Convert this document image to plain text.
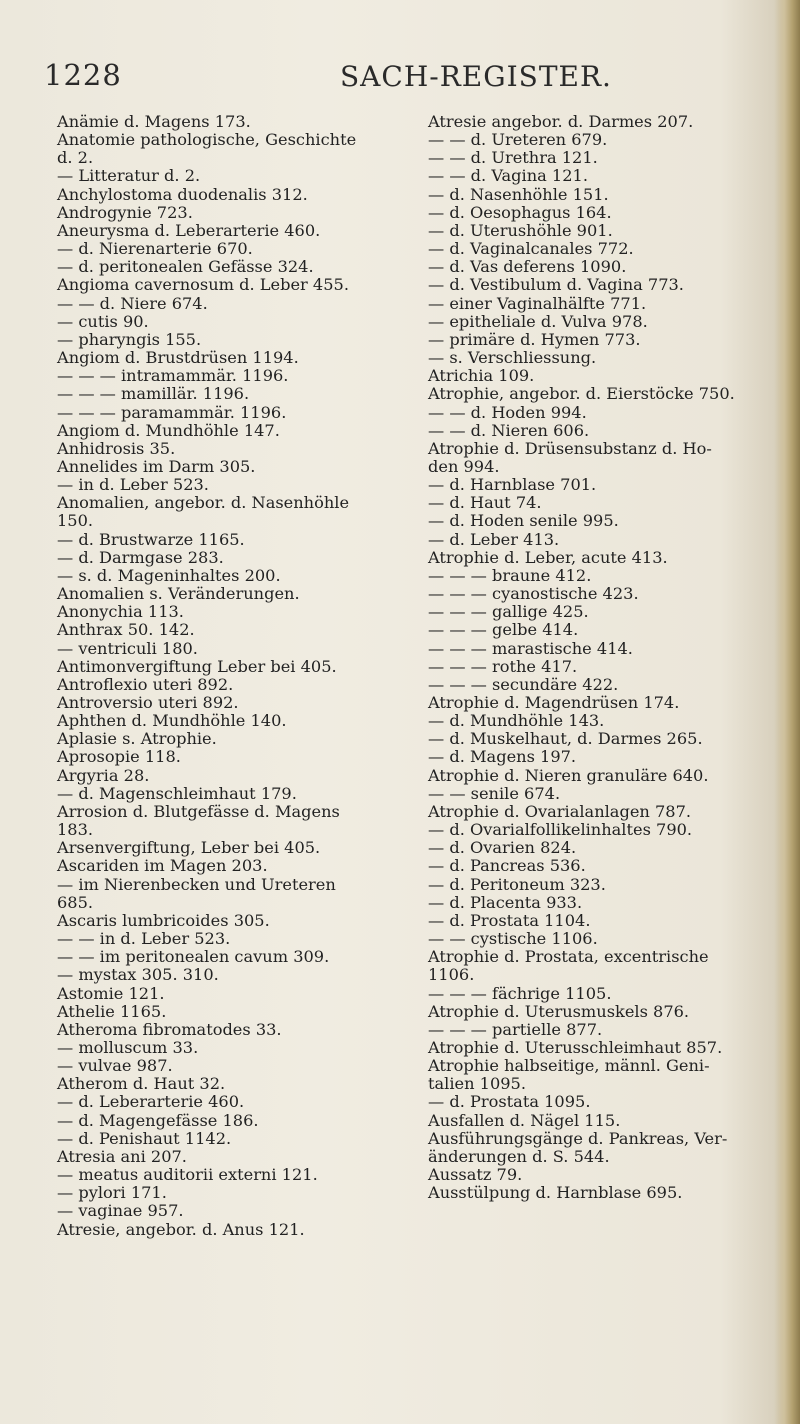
1228	SACH-REGISTER.
Anämie d. Magens 173.
Anatomie pathologische, Geschichte
d. 2.
— Litteratur d. 2.
Anchylostoma duodenalis 312.
Androgynie 723.
Aneurysma d. Leberarterie 460.
— d. Nierenarterie 670.
— d. peritonealen Gefässe 324.
Angioma cavernosum d. Leber 455.
— — d. Niere 674.
— cutis 90.
— pharyngis 155.
Angiom d. Brustdrüsen 1194.
— — — intramammär. 1196.
— — — mamillär. 1196.
— — — paramammär. 1196.
Angiom d. Mundhöhle 147.
Anhidrosis 35.
Annelides im Darm 305.
— in d. Leber 523.
Anomalien, angebor. d. Nasenhöhle
150.
— d. Brustwarze 1165.
— d. Darmgase 283.
— s. d. Mageninhaltes 200.
Anomalien s. Veränderungen.
Anonychia 113.
Anthrax 50. 142.
— ventriculi 180.
Antimonvergiftung Leber bei 405.
Antroflexio uteri 892.
Antroversio uteri 892.
Aphthen d. Mundhöhle 140.
Aplasie s. Atrophie.
Aprosopie 118.
Argyria 28.
— d. Magenschleimhaut 179.
Arrosion d. Blutgefässe d. Magens
183.
Arsenvergiftung, Leber bei 405.
Ascariden im Magen 203.
— im Nierenbecken und Ureteren
685.
Ascaris lumbricoides 305.
— — in d. Leber 523.
— — im peritonealen cavum 309.
— mystax 305. 310.
Astomie 121.
Athelie 1165.
Atheroma fibromatodes 33.
— molluscum 33.
— vulvae 987.
Atherom d. Haut 32.
— d. Leberarterie 460.
— d. Magengefässe 186.
— d. Penishaut 1142.
Atresia ani 207.
— meatus auditorii externi 121.
— pylori 171.
— vaginae 957.
Atresie, angebor. d. Anus 121.
Atresie angebor. d. Darmes 207.
— — d. Ureteren 679.
— — d. Urethra 121.
— — d. Vagina 121.
— d. Nasenhöhle 151.
— d. Oesophagus 164.
— d. Uterushöhle 901.
— d. Vaginalcanales 772.
— d. Vas deferens 1090.
— d. Vestibulum d. Vagina 773.
— einer Vaginalhälfte 771.
— epitheliale d. Vulva 978.
— primäre d. Hymen 773.
— s. Verschliessung.
Atrichia 109.
Atrophie, angebor. d. Eierstöcke 750.
— — d. Hoden 994.
— — d. Nieren 606.
Atrophie d. Drüsensubstanz d. Ho-
den 994.
— d. Harnblase 701.
— d. Haut 74.
— d. Hoden senile 995.
— d. Leber 413.
Atrophie d. Leber, acute 413.
— — — braune 412.
— — — cyanostische 423.
— — — gallige 425.
— — — gelbe 414.
— — — marastische 414.
— — — rothe 417.
— — — secundäre 422.
Atrophie d. Magendrüsen 174.
— d. Mundhöhle 143.
— d. Muskelhaut, d. Darmes 265.
— d. Magens 197.
Atrophie d. Nieren granuläre 640.
— — senile 674.
Atrophie d. Ovarialanlagen 787.
— d. Ovarialfollikelinhaltes 790.
— d. Ovarien 824.
— d. Pancreas 536.
— d. Peritoneum 323.
— d. Placenta 933.
— d. Prostata 1104.
— — cystische 1106.
Atrophie d. Prostata, excentrische
1106.
— — — fächrige 1105.
Atrophie d. Uterusmuskels 876.
— — — partielle 877.
Atrophie d. Uterusschleimhaut 857.
Atrophie halbseitige, männl. Geni-
talien 1095.
— d. Prostata 1095.
Ausfallen d. Nägel 115.
Ausführungsgänge d. Pankreas, Ver-
änderungen d. S. 544.
Aussatz 79.
Ausstülpung d. Harnblase 695.
